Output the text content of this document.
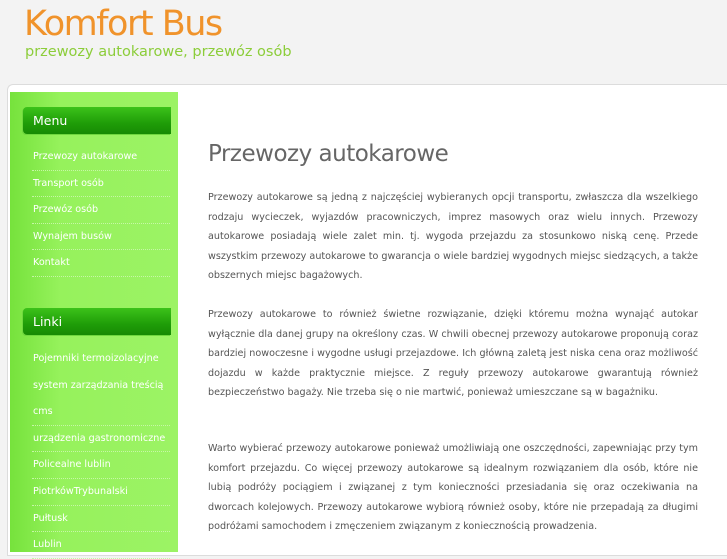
Komfort Bus
przewozy autokarowe, przewóz osób
Menu
Przewozy autokarowe
Transport osób
Przewóz osób
Wynajem busów
Kontakt
Linki
Pojemniki termoizolacyjne
system zarządzania treścią
cms
urządzenia gastronomiczne
Policealne lublin
PiotrkówTrybunalski
Pułtusk
Lublin
Przewozy autokarowe

Przewozy autokarowe są jedną z najczęściej wybieranych opcji transportu, zwłaszcza dla wszelkiego rodzaju wycieczek, wyjazdów pracowniczych, imprez masowych oraz wielu innych. Przewozy autokarowe posiadają wiele zalet min. tj. wygoda przejazdu za stosunkowo niską cenę. Przede wszystkim przewozy autokarowe to gwarancja o wiele bardziej wygodnych miejsc siedzących, a także obszernych miejsc bagażowych.

Przewozy autokarowe to również świetne rozwiązanie, dzięki któremu można wynająć autokar wyłącznie dla danej grupy na określony czas. W chwili obecnej przewozy autokarowe proponują coraz bardziej nowoczesne i wygodne usługi przejazdowe. Ich główną zaletą jest niska cena oraz możliwość dojazdu w każde praktycznie miejsce. Z reguły przewozy autokarowe gwarantują również bezpieczeństwo bagaży. Nie trzeba się o nie martwić, ponieważ umieszczane są w bagażniku.

Warto wybierać przewozy autokarowe ponieważ umożliwiają one oszczędności, zapewniając przy tym komfort przejazdu. Co więcej przewozy autokarowe są idealnym rozwiązaniem dla osób, które nie lubią podróży pociągiem i związanej z tym konieczności przesiadania się oraz oczekiwania na dworcach kolejowych. Przewozy autokarowe wybiorą również osoby, które nie przepadają za długimi podróżami samochodem i zmęczeniem związanym z koniecznością prowadzenia.
